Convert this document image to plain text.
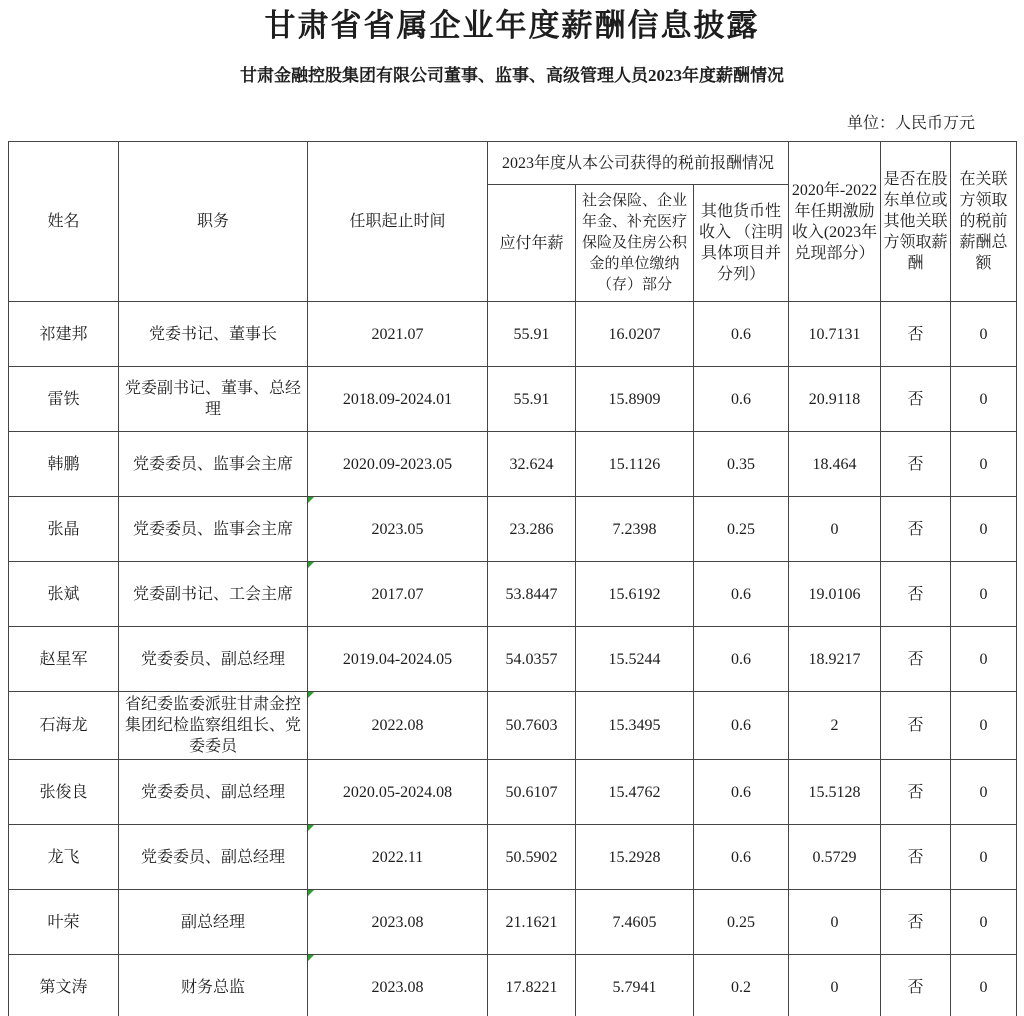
甘肃省省属企业年度薪酬信息披露
甘肃金融控股集团有限公司董事、监事、高级管理人员2023年度薪酬情况
单位：人民币万元
姓名	职务	任职起止时间	2023年度从本公司获得的税前报酬情况			2020年-2022年任期激励收入(2023年兑现部分）	是否在股东单位或其他关联方领取薪酬	在关联方领取的税前薪酬总额
			应付年薪	社会保险、企业年金、补充医疗保险及住房公积金的单位缴纳（存）部分	其他货币性收入 （注明具体项目并分列）			
祁建邦	党委书记、董事长	2021.07	55.91	16.0207	0.6	10.7131	否	0
雷铁	党委副书记、董事、总经理	2018.09-2024.01	55.91	15.8909	0.6	20.9118	否	0
韩鹏	党委委员、监事会主席	2020.09-2023.05	32.624	15.1126	0.35	18.464	否	0
张晶	党委委员、监事会主席	2023.05	23.286	7.2398	0.25	0	否	0
张斌	党委副书记、工会主席	2017.07	53.8447	15.6192	0.6	19.0106	否	0
赵星军	党委委员、副总经理	2019.04-2024.05	54.0357	15.5244	0.6	18.9217	否	0
石海龙	省纪委监委派驻甘肃金控集团纪检监察组组长、党委委员	2022.08	50.7603	15.3495	0.6	2	否	0
张俊良	党委委员、副总经理	2020.05-2024.08	50.6107	15.4762	0.6	15.5128	否	0
龙飞	党委委员、副总经理	2022.11	50.5902	15.2928	0.6	0.5729	否	0
叶荣	副总经理	2023.08	21.1621	7.4605	0.25	0	否	0
第文涛	财务总监	2023.08	17.8221	5.7941	0.2	0	否	0
